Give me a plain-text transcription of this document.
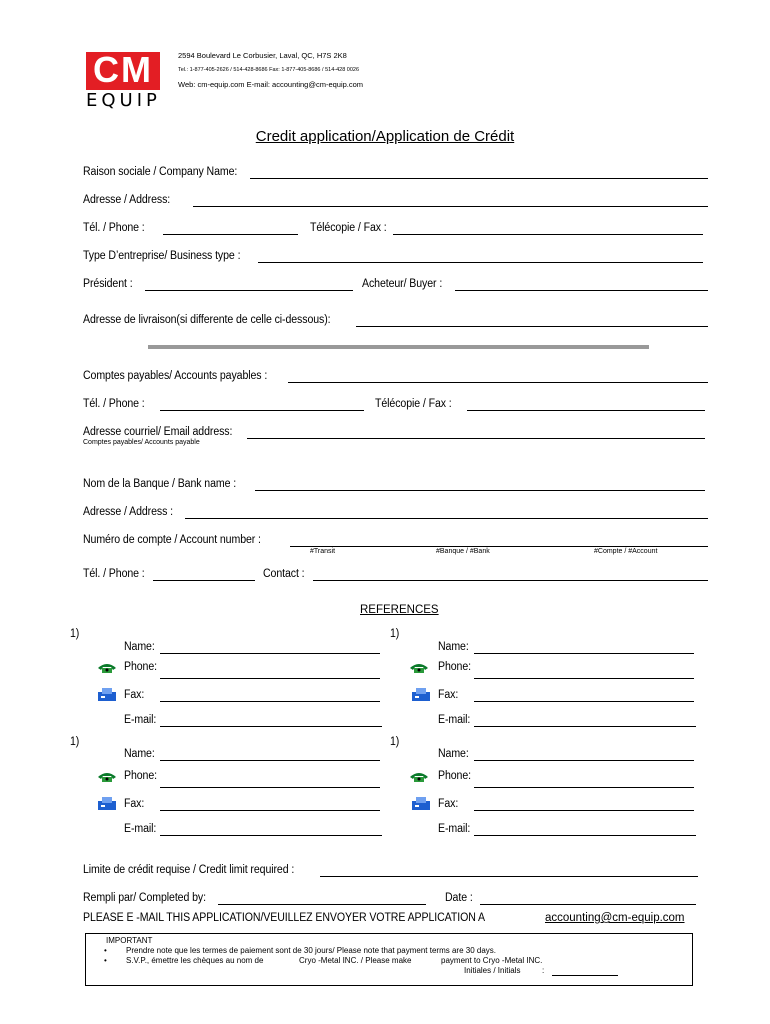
CM
EQUIP
2594 Boulevard Le Corbusier, Laval, QC, H7S 2K8
Tel.: 1-877-405-2626 / 514-428-8686 Fax: 1-877-405-8686 / 514-428 0026
Web: cm-equip.com E-mail: accounting@cm-equip.com
Credit application/Application de Crédit
Raison sociale / Company Name:
Adresse / Address:
Tél. / Phone :	Télécopie / Fax :
Type D’entreprise/ Business type :
Président :	Acheteur/ Buyer :
Adresse de livraison(si differente de celle ci-dessous):
Comptes payables/ Accounts payables :
Tél. / Phone :	Télécopie / Fax :
Adresse courriel/ Email address:
Comptes payables/ Accounts payable
Nom de la Banque / Bank name :
Adresse / Address :
Numéro de compte / Account number :
#Transit	#Banque / #Bank	#Compte / #Account
Tél. / Phone :	Contact :
REFERENCES
1)
Name:
Phone:
Fax:
E-mail:
1)
Name:
Phone:
Fax:
E-mail:
1)
Name:
Phone:
Fax:
E-mail:
1)
Name:
Phone:
Fax:
E-mail:
Limite de crédit requise / Credit limit required :
Rempli par/ Completed by:	Date :
PLEASE E -MAIL THIS APPLICATION/VEUILLEZ ENVOYER VOTRE APPLICATION A	accounting@cm-equip.com
IMPORTANT
• Prendre note que les termes de paiement sont de 30 jours/ Please note that payment terms are 30 days.
• S.V.P., émettre les chèques au nom de	Cryo -Metal INC. / Please make	payment to Cryo -Metal INC.
Initiales / Initials	:
